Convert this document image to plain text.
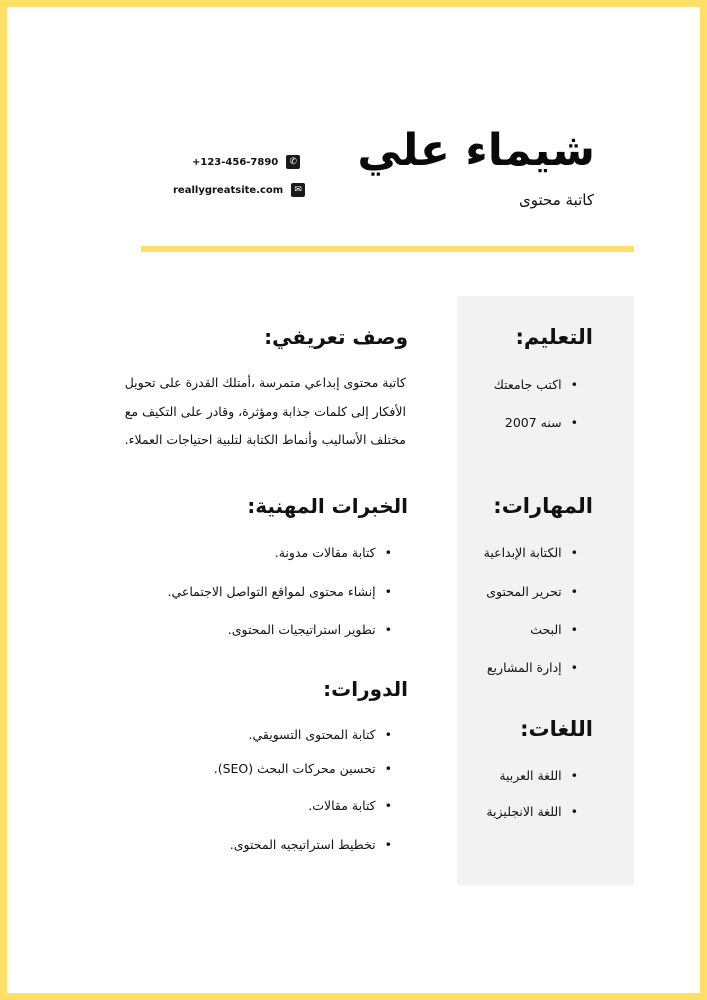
شيماء علي
كاتبة محتوى
+123-456-7890	✆
reallygreatsite.com	✉
التعليم:
• اكتب جامعتك
• سنه 2007
المهارات:
• الكتابة الإبداعية
• تحرير المحتوى
• البحث
• إدارة المشاريع
اللغات:
• اللغة العربية
• اللغة الانجليزية
وصف تعريفي:
كاتبة محتوى إبداعي متمرسة ،أمتلك القدرة على تحويل الأفكار إلى كلمات جذابة ومؤثرة، وقادر على التكيف مع مختلف الأساليب وأنماط الكتابة لتلبية احتياجات العملاء.
الخبرات المهنية:
• كتابة مقالات مدونة.
• إنشاء محتوى لمواقع التواصل الاجتماعي.
• تطوير استراتيجيات المحتوى.
الدورات:
• كتابة المحتوى التسويقي.
• تحسين محركات البحث (SEO).
• كتابة مقالات.
• تخطيط استراتيجيه المحتوى.
